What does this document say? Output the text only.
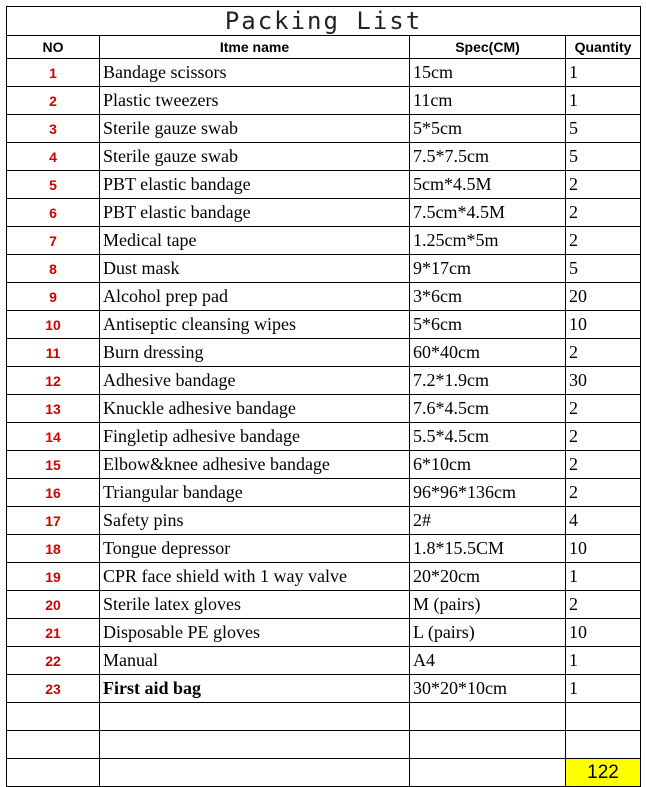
Packing List			
NO	Itme name	Spec(CM)	Quantity
1	Bandage scissors	15cm	1
2	Plastic tweezers	11cm	1
3	Sterile gauze swab	5*5cm	5
4	Sterile gauze swab	7.5*7.5cm	5
5	PBT elastic bandage	5cm*4.5M	2
6	PBT elastic bandage	7.5cm*4.5M	2
7	Medical tape	1.25cm*5m	2
8	Dust mask	9*17cm	5
9	Alcohol prep pad	3*6cm	20
10	Antiseptic cleansing wipes	5*6cm	10
11	Burn dressing	60*40cm	2
12	Adhesive bandage	7.2*1.9cm	30
13	Knuckle adhesive bandage	7.6*4.5cm	2
14	Fingletip adhesive bandage	5.5*4.5cm	2
15	Elbow&knee adhesive bandage	6*10cm	2
16	Triangular bandage	96*96*136cm	2
17	Safety pins	2#	4
18	Tongue depressor	1.8*15.5CM	10
19	CPR face shield with 1 way valve	20*20cm	1
20	Sterile latex gloves	M (pairs)	2
21	Disposable PE gloves	L (pairs)	10
22	Manual	A4	1
23	First aid bag	30*20*10cm	1

			122
